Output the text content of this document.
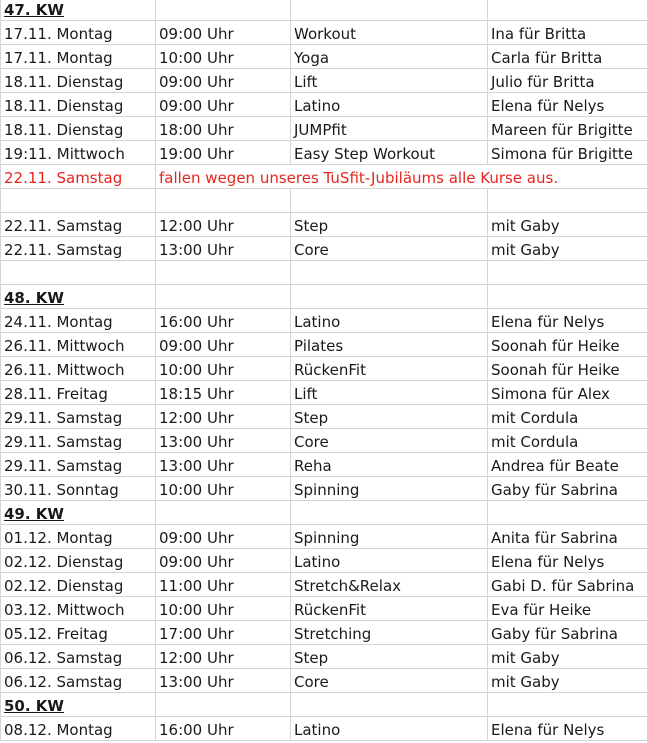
47. KW			
17.11. Montag	09:00 Uhr	Workout	Ina für Britta
17.11. Montag	10:00 Uhr	Yoga	Carla für Britta
18.11. Dienstag	09:00 Uhr	Lift	Julio für Britta
18.11. Dienstag	09:00 Uhr	Latino	Elena für Nelys
18.11. Dienstag	18:00 Uhr	JUMPfit	Mareen für Brigitte
19:11. Mittwoch	19:00 Uhr	Easy Step Workout	Simona für Brigitte
22.11. Samstag	fallen wegen unseres TuSfit-Jubiläums alle Kurse aus.		

22.11. Samstag	12:00 Uhr	Step	mit Gaby
22.11. Samstag	13:00 Uhr	Core	mit Gaby

48. KW			
24.11. Montag	16:00 Uhr	Latino	Elena für Nelys
26.11. Mittwoch	09:00 Uhr	Pilates	Soonah für Heike
26.11. Mittwoch	10:00 Uhr	RückenFit	Soonah für Heike
28.11. Freitag	18:15 Uhr	Lift	Simona für Alex
29.11. Samstag	12:00 Uhr	Step	mit Cordula
29.11. Samstag	13:00 Uhr	Core	mit Cordula
29.11. Samstag	13:00 Uhr	Reha	Andrea für Beate
30.11. Sonntag	10:00 Uhr	Spinning	Gaby für Sabrina
49. KW			
01.12. Montag	09:00 Uhr	Spinning	Anita für Sabrina
02.12. Dienstag	09:00 Uhr	Latino	Elena für Nelys
02.12. Dienstag	11:00 Uhr	Stretch&Relax	Gabi D. für Sabrina
03.12. Mittwoch	10:00 Uhr	RückenFit	Eva für Heike
05.12. Freitag	17:00 Uhr	Stretching	Gaby für Sabrina
06.12. Samstag	12:00 Uhr	Step	mit Gaby
06.12. Samstag	13:00 Uhr	Core	mit Gaby
50. KW			
08.12. Montag	16:00 Uhr	Latino	Elena für Nelys
